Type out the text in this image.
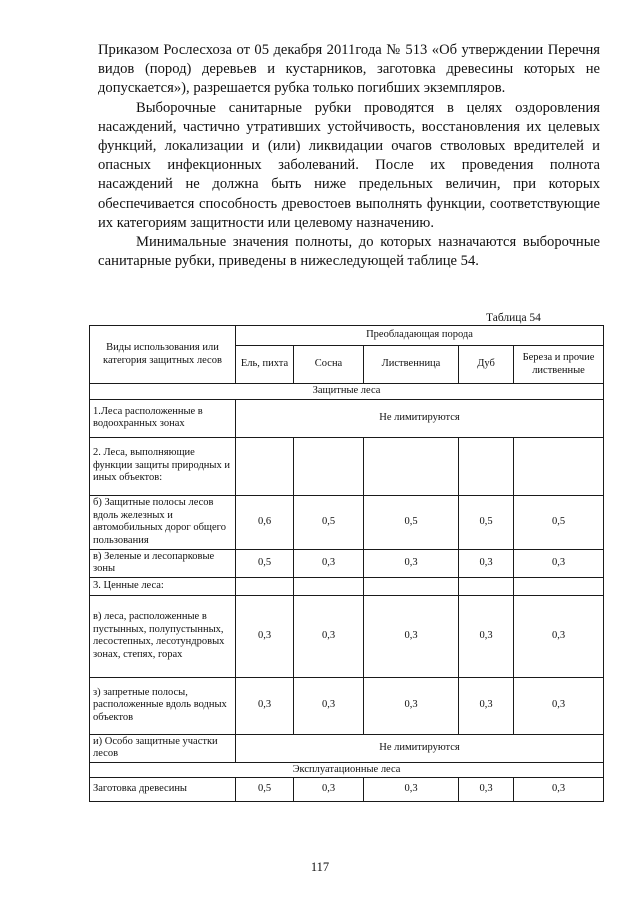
Приказом Рослесхоза от 05 декабря 2011года № 513 «Об утверждении Перечня видов (пород) деревьев и кустарников, заготовка древесины которых не допускается»), разрешается рубка только погибших экземпляров.

Выборочные санитарные рубки проводятся в целях оздоровления насаждений, частично утративших устойчивость, восстановления их целевых функций, локализации и (или) ликвидации очагов стволовых вредителей и опасных инфекционных заболеваний. После их проведения полнота насаждений не должна быть ниже предельных величин, при которых обеспечивается способность древостоев выполнять функции, соответствующие их категориям защитности или целевому назначению.

Минимальные значения полноты, до которых назначаются выборочные санитарные рубки, приведены в нижеследующей таблице 54.

Таблица 54
Виды использования или категория защитных лесов	Преобладающая порода				
	Ель, пихта	Сосна	Лиственница	Дуб	Береза и прочие лиственные
Защитные леса					
1.Леса расположенные в водоохранных зонах	Не лимитируются				
2. Леса, выполняющие функции защиты природных и иных объектов:					
б) Защитные полосы лесов вдоль железных и автомобильных дорог общего пользования	0,6	0,5	0,5	0,5	0,5
в) Зеленые и лесопарковые зоны	0,5	0,3	0,3	0,3	0,3
3. Ценные леса:					
в) леса, расположенные в пустынных, полупустынных, лесостепных, лесотундровых зонах, степях, горах	0,3	0,3	0,3	0,3	0,3
з) запретные полосы, расположенные вдоль водных объектов	0,3	0,3	0,3	0,3	0,3
и) Особо защитные участки лесов	Не лимитируются				
Эксплуатационные леса					
Заготовка древесины	0,5	0,3	0,3	0,3	0,3
117
